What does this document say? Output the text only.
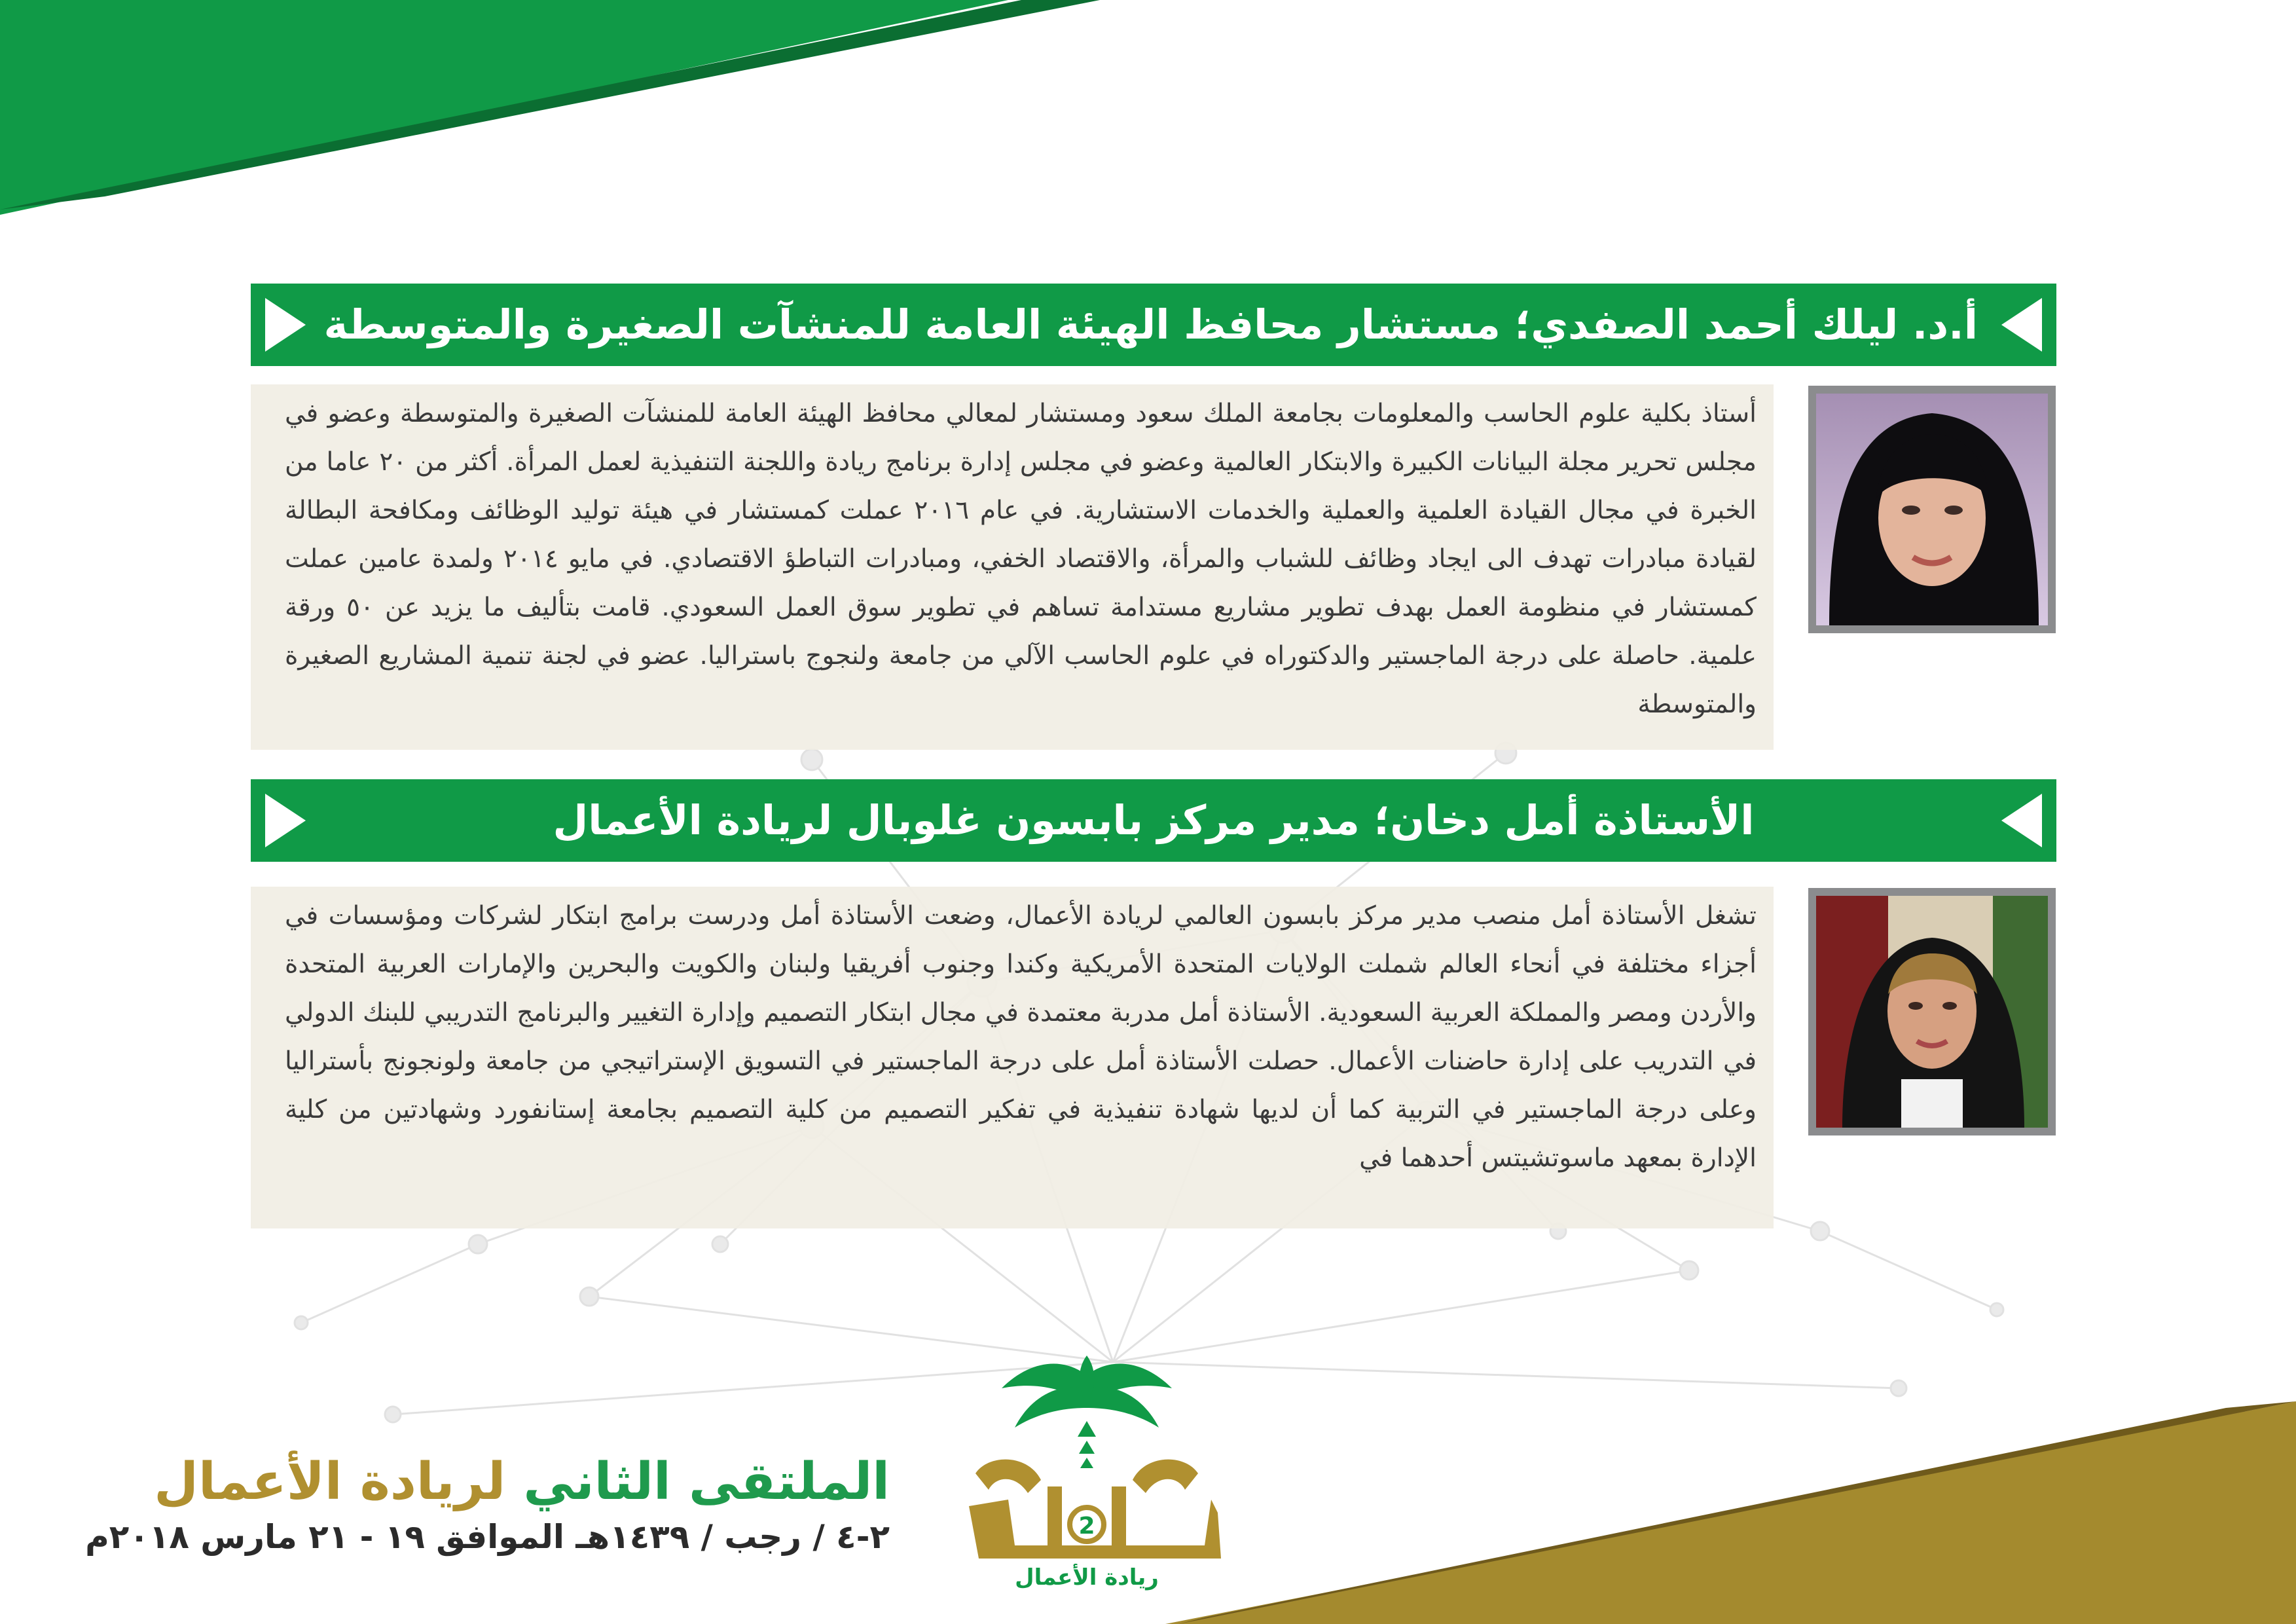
أ.د. ليلك أحمد الصفدي؛ مستشار محافظ الهيئة العامة للمنشآت الصغيرة والمتوسطة

أستاذ بكلية علوم الحاسب والمعلومات بجامعة الملك سعود ومستشار لمعالي محافظ الهيئة العامة للمنشآت الصغيرة والمتوسطة وعضو في مجلس تحرير مجلة البيانات الكبيرة والابتكار العالمية وعضو في مجلس إدارة برنامج ريادة واللجنة التنفيذية لعمل المرأة. أكثر من ٢٠ عاما من الخبرة في مجال القيادة العلمية والعملية والخدمات الاستشارية. في عام ٢٠١٦ عملت كمستشار في هيئة توليد الوظائف ومكافحة البطالة لقيادة مبادرات تهدف الى ايجاد وظائف للشباب والمرأة، والاقتصاد الخفي، ومبادرات التباطؤ الاقتصادي. في مايو ٢٠١٤ ولمدة عامين عملت كمستشار في منظومة العمل بهدف تطوير مشاريع مستدامة تساهم في تطوير سوق العمل السعودي. قامت بتأليف ما يزيد عن ٥٠ ورقة علمية. حاصلة على درجة الماجستير والدكتوراه في علوم الحاسب الآلي من جامعة ولنجوج باستراليا. عضو في لجنة تنمية المشاريع الصغيرة والمتوسطة

الأستاذة أمل دخان؛ مدير مركز بابسون غلوبال لريادة الأعمال

تشغل الأستاذة أمل منصب مدير مركز بابسون العالمي لريادة الأعمال، وضعت الأستاذة أمل ودرست برامج ابتكار لشركات ومؤسسات في أجزاء مختلفة في أنحاء العالم شملت الولايات المتحدة الأمريكية وكندا وجنوب أفريقيا ولبنان والكويت والبحرين والإمارات العربية المتحدة والأردن ومصر والمملكة العربية السعودية. الأستاذة أمل مدربة معتمدة في مجال ابتكار التصميم وإدارة التغيير والبرنامج التدريبي للبنك الدولي في التدريب على إدارة حاضنات الأعمال. حصلت الأستاذة أمل على درجة الماجستير في التسويق الإستراتيجي من جامعة ولونجونج بأستراليا وعلى درجة الماجستير في التربية كما أن لديها شهادة تنفيذية في تفكير التصميم من كلية التصميم بجامعة إستانفورد وشهادتين من كلية الإدارة بمعهد ماسوتشيتس أحدهما في

الملتقى الثاني لريادة الأعمال
٢-٤ / رجب / ١٤٣٩هـ الموافق ١٩ - ٢١ مارس ٢٠١٨م	2
ريادة الأعمال
